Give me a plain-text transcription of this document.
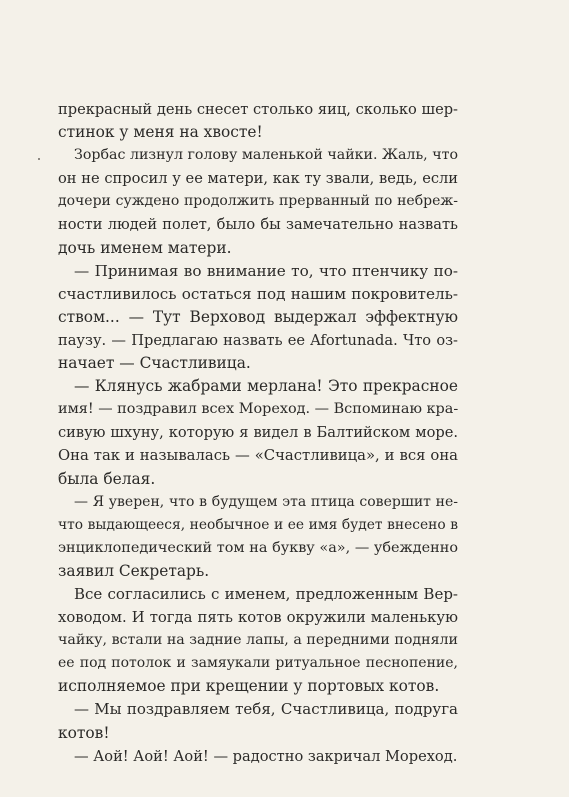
прекрасный день снесет столько яиц, сколько шер-
стинок у меня на хвосте!
Зорбас лизнул голову маленькой чайки. Жаль, что
он не спросил у ее матери, как ту звали, ведь, если
дочери суждено продолжить прерванный по небреж-
ности людей полет, было бы замечательно назвать
дочь именем матери.
— Принимая во внимание то, что птенчику по-
счастливилось остаться под нашим покровитель-
ством... — Тут Верховод выдержал эффектную
паузу. — Предлагаю назвать ее Afortunada. Что оз-
начает — Счастливица.
— Клянусь жабрами мерлана! Это прекрасное
имя! — поздравил всех Мореход. — Вспоминаю кра-
сивую шхуну, которую я видел в Балтийском море.
Она так и называлась — «Счастливица», и вся она
была белая.
— Я уверен, что в будущем эта птица совершит не-
что выдающееся, необычное и ее имя будет внесено в
энциклопедический том на букву «а», — убежденно
заявил Секретарь.
Все согласились с именем, предложенным Вер-
ховодом. И тогда пять котов окружили маленькую
чайку, встали на задние лапы, а передними подняли
ее под потолок и замяукали ритуальное песнопение,
исполняемое при крещении у портовых котов.
— Мы поздравляем тебя, Счастливица, подруга
котов!
— Аой! Аой! Аой! — радостно закричал Мореход.
